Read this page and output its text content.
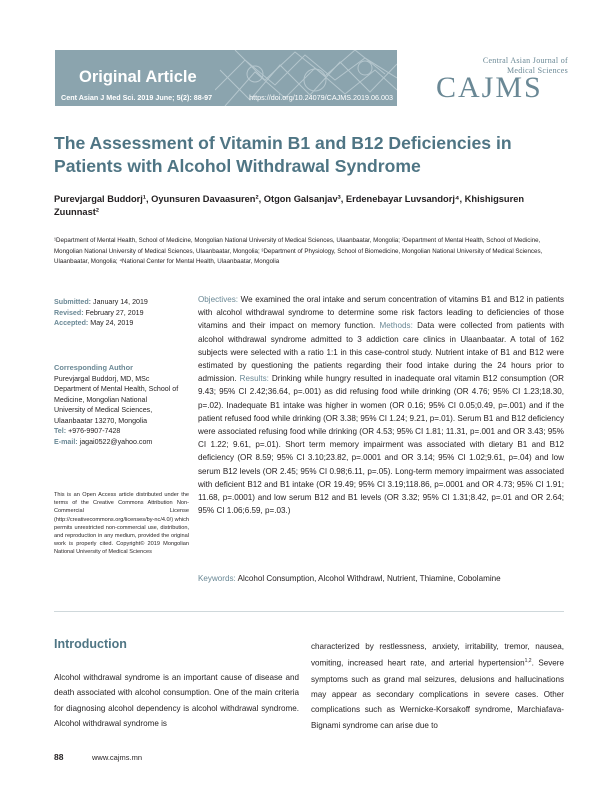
Original Article
Cent Asian J Med Sci. 2019 June; 5(2): 88-97	https://doi.org/10.24079/CAJMS.2019.06.003
Central Asian Journal of
Medical Sciences
CAJMS
The Assessment of Vitamin B1 and B12 Deficiencies in Patients with Alcohol Withdrawal Syndrome
Purevjargal Buddorj¹, Oyunsuren Davaasuren², Otgon Galsanjav³, Erdenebayar Luvsandorj⁴, Khishigsuren Zuunnast²
¹Department of Mental Health, School of Medicine, Mongolian National University of Medical Sciences, Ulaanbaatar, Mongolia; ²Department of Mental Health, School of Medicine, Mongolian National University of Medical Sciences, Ulaanbaatar, Mongolia; ³Department of Physiology, School of Biomedicine, Mongolian National University of Medical Sciences, Ulaanbaatar, Mongolia; ⁴National Center for Mental Health, Ulaanbaatar, Mongolia
Submitted: January 14, 2019
Revised: February 27, 2019
Accepted: May 24, 2019
Corresponding Author
Purevjargal Buddorj, MD, MSc Department of Mental Health, School of Medicine, Mongolian National University of Medical Sciences, Ulaanbaatar 13270, Mongolia
Tel: +976-9907-7428
E-mail: jagai0522@yahoo.com
This is an Open Access article distributed under the terms of the Creative Commons Attribution Non-Commercial License (http://creativecommons.org/licenses/by-nc/4.0/) which permits unrestricted non-commercial use, distribution, and reproduction in any medium, provided the original work is properly cited. Copyright© 2019 Mongolian National University of Medical Sciences
Objectives: We examined the oral intake and serum concentration of vitamins B1 and B12 in patients with alcohol withdrawal syndrome to determine some risk factors leading to deficiencies of those vitamins and their impact on memory function. Methods: Data were collected from patients with alcohol withdrawal syndrome admitted to 3 addiction care clinics in Ulaanbaatar. A total of 162 subjects were selected with a ratio 1:1 in this case-control study. Nutrient intake of B1 and B12 were estimated by questioning the patients regarding their food intake during the 24 hours prior to admission. Results: Drinking while hungry resulted in inadequate oral vitamin B12 consumption (OR 9.43; 95% CI 2.42;36.64, p=.001) as did refusing food while drinking (OR 4.76; 95% CI 1.23;18.30, p=.02). Inadequate B1 intake was higher in women (OR 0.16; 95% CI 0.05;0.49, p=.001) and if the patient refused food while drinking (OR 3.38; 95% CI 1.24; 9.21, p=.01). Serum B1 and B12 deficiency were associated refusing food while drinking (OR 4.53; 95% CI 1.81; 11.31, p=.001 and OR 3.43; 95% CI 1.22; 9.61, p=.01). Short term memory impairment was associated with dietary B1 and B12 deficiency (OR 8.59; 95% CI 3.10;23.82, p=.0001 and OR 3.14; 95% CI 1.02;9.61, p=.04) and low serum B12 levels (OR 2.45; 95% CI 0.98;6.11, p=.05). Long-term memory impairment was associated with deficient B12 and B1 intake (OR 19.49; 95% CI 3.19;118.86, p=.0001 and OR 4.73; 95% CI 1.91; 11.68, p=.0001) and low serum B12 and B1 levels (OR 3.32; 95% CI 1.31;8.42, p=.01 and OR 2.64; 95% CI 1.06;6.59, p=.03.)
Keywords: Alcohol Consumption, Alcohol Withdrawl, Nutrient, Thiamine, Cobolamine
Introduction
Alcohol withdrawal syndrome is an important cause of disease and death associated with alcohol consumption. One of the main criteria for diagnosing alcohol dependency is alcohol withdrawal syndrome. Alcohol withdrawal syndrome is
characterized by restlessness, anxiety, irritability, tremor, nausea, vomiting, increased heart rate, and arterial hypertension$^{1,2}$. Severe symptoms such as grand mal seizures, delusions and hallucinations may appear as secondary complications in severe cases. Other complications such as Wernicke-Korsakoff syndrome, Marchiafava-Bignami syndrome can arise due to
88	www.cajms.mn
